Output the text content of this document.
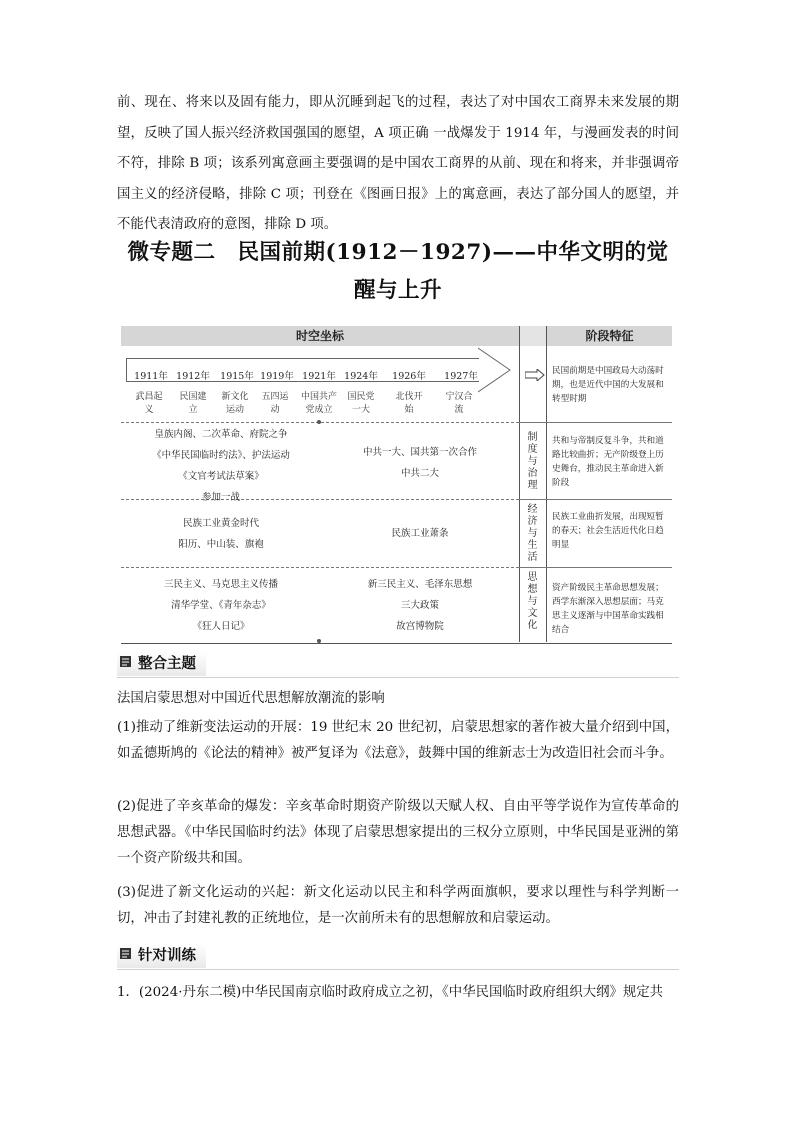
前、现在、将来以及固有能力，即从沉睡到起飞的过程，表达了对中国农工商界未来发展的期望，反映了国人振兴经济救国强国的愿望，A 项正确 一战爆发于 1914 年，与漫画发表的时间不符，排除 B 项；该系列寓意画主要强调的是中国农工商界的从前、现在和将来，并非强调帝国主义的经济侵略，排除 C 项；刊登在《图画日报》上的寓意画，表达了部分国人的愿望，并不能代表清政府的意图，排除 D 项。

微专题二　民国前期(1912－1927)——中华文明的觉醒与上升
时空坐标	阶段特征
1911年 1912年 1915年 1919年 1921年 1924年 1926年 1927年
武昌起义
民国建立
新文化运动
五四运动
中国共产党成立
国民党一大
北伐开始
宁汉合流
民国前期是中国政局大动荡时期，也是近代中国的大发展和转型时期
皇族内阁、二次革命、府院之争
《中华民国临时约法》、护法运动
《文官考试法草案》
参加一战
中共一大、国共第一次合作
中共二大
制度与治理
共和与帝制反复斗争，共和道路比较曲折；无产阶级登上历史舞台，推动民主革命进入新阶段
民族工业黄金时代
阳历、中山装、旗袍
民族工业萧条
经济与生活
民族工业曲折发展，出现短暂的春天；社会生活近代化日趋明显
三民主义、马克思主义传播
清华学堂、《青年杂志》
《狂人日记》
新三民主义、毛泽东思想
三大政策
故宫博物院
思想与文化
资产阶级民主革命思想发展；西学东渐深入思想层面；马克思主义逐渐与中国革命实践相结合
整合主题

法国启蒙思想对中国近代思想解放潮流的影响

(1)推动了维新变法运动的开展：19 世纪末 20 世纪初，启蒙思想家的著作被大量介绍到中国，如孟德斯鸠的《论法的精神》被严复译为《法意》，鼓舞中国的维新志士为改造旧社会而斗争。

(2)促进了辛亥革命的爆发：辛亥革命时期资产阶级以天赋人权、自由平等学说作为宣传革命的思想武器。《中华民国临时约法》体现了启蒙思想家提出的三权分立原则，中华民国是亚洲的第一个资产阶级共和国。

(3)促进了新文化运动的兴起：新文化运动以民主和科学两面旗帜，要求以理性与科学判断一切，冲击了封建礼教的正统地位，是一次前所未有的思想解放和启蒙运动。

针对训练

1．(2024·丹东二模)中华民国南京临时政府成立之初，《中华民国临时政府组织大纲》规定共
